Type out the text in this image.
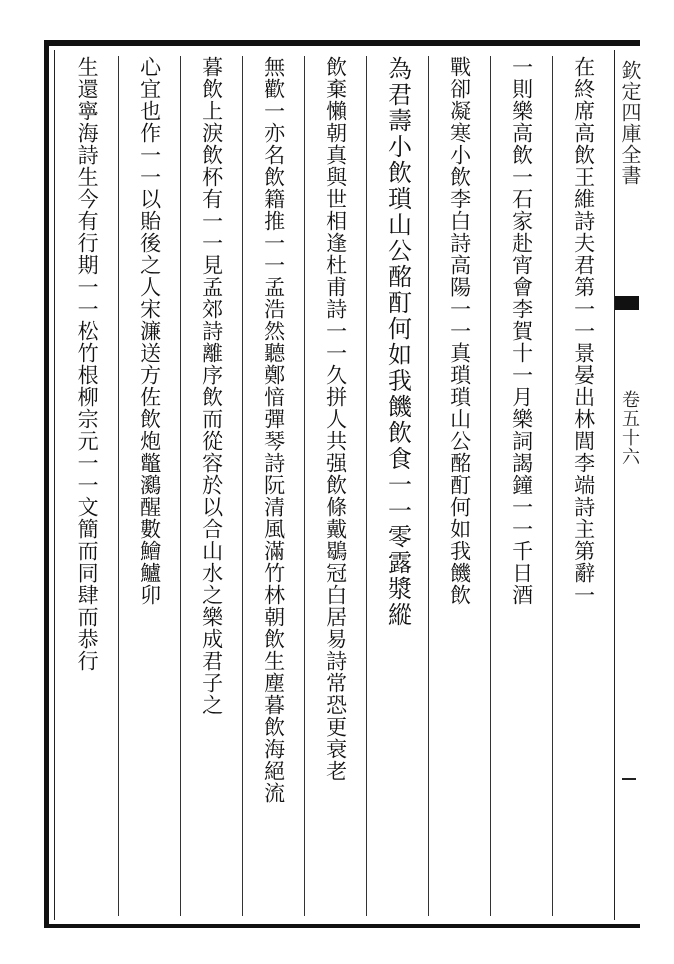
在終席高飲王維詩夫君第一一景晏出林閭李端詩主第辭一
一則樂高飲一石家赴宵會李賀十一月樂詞謁鐘一一千日酒
戰卻凝寒小飲李白詩高陽一一真瑣瑣山公酩酊何如我饑飲
為君壽小飲瑣山公酩酊何如我饑飲食一一零露漿縱
飲棄懶朝真與世相逢杜甫詩一一久拼人共强飲條戴鶡冠白居易詩常恐更衰老
無歡一亦名飲籍推一一孟浩然聽鄭愔彈琴詩阮清風滿竹林朝飲生塵暮飲海絕流
暮飲上淚飲杯有一一見孟郊詩離序飲而從容於以合山水之樂成君子之
心宜也作一一以貽後之人宋濂送方佐飲炮鼈鸂醒數鱠鱸卯
生還寧海詩生今有行期一一松竹根柳宗元一一文簡而同肆而恭行	欽定四庫全書
卷五十六
